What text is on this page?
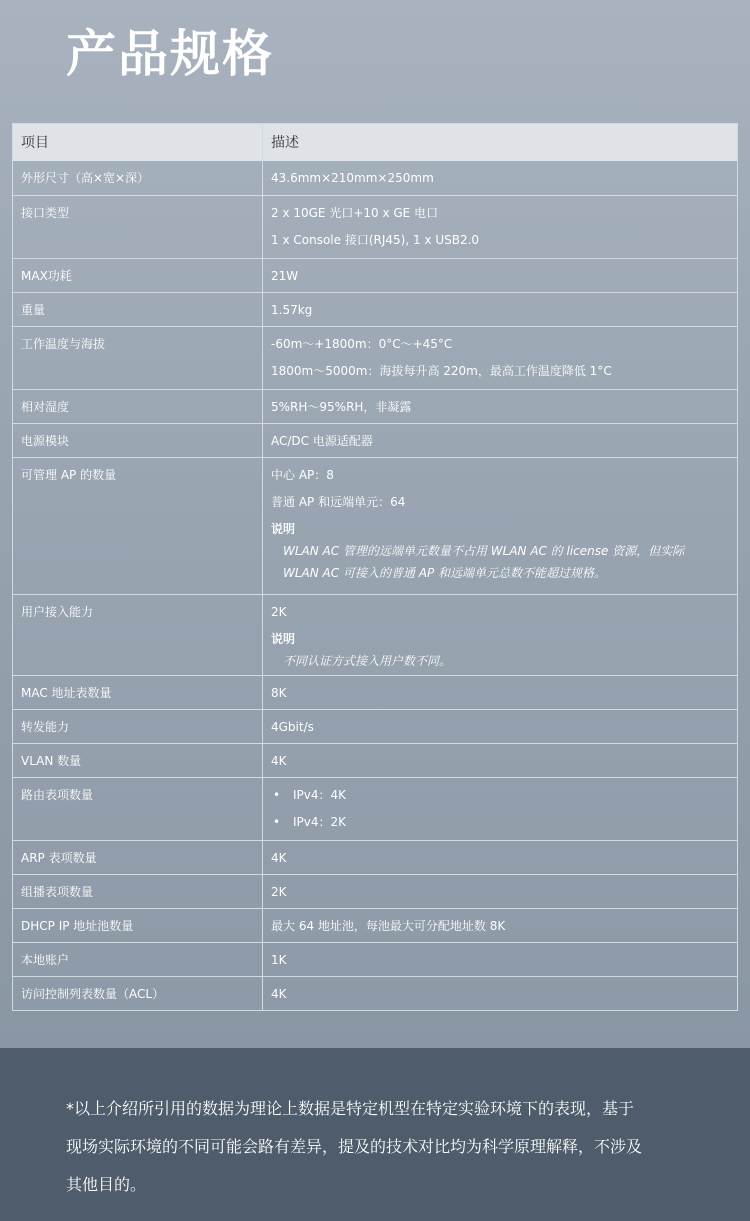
产品规格
项目	描述
外形尺寸（高×宽×深）	43.6mm×210mm×250mm
接口类型	2 x 10GE 光口+10 x GE 电口
1 x Console 接口(RJ45), 1 x USB2.0
MAX功耗	21W
重量	1.57kg
工作温度与海拔	-60m～+1800m：0°C～+45°C
1800m～5000m：海拔每升高 220m，最高工作温度降低 1°C
相对湿度	5%RH～95%RH，非凝露
电源模块	AC/DC 电源适配器
可管理 AP 的数量	中心 AP：8
普通 AP 和远端单元：64
说明
WLAN AC 管理的远端单元数量不占用 WLAN AC 的 license 资源，但实际
WLAN AC 可接入的普通 AP 和远端单元总数不能超过规格。
用户接入能力	2K
说明
不同认证方式接入用户数不同。
MAC 地址表数量	8K
转发能力	4Gbit/s
VLAN 数量	4K
路由表项数量
•	IPv4：4K
• IPv4：2K
ARP 表项数量	4K
组播表项数量	2K
DHCP IP 地址池数量	最大 64 地址池，每池最大可分配地址数 8K
本地账户	1K
访问控制列表数量（ACL）	4K
*以上介绍所引用的数据为理论上数据是特定机型在特定实验环境下的表现，基于
现场实际环境的不同可能会路有差异，提及的技术对比均为科学原理解释，不涉及
其他目的。
